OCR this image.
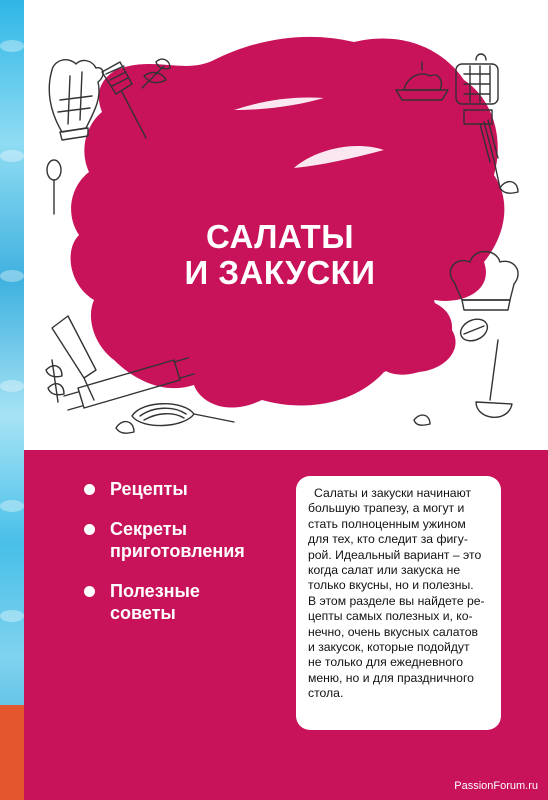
САЛАТЫ
И ЗАКУСКИ
Рецепты
Секреты
приготовления
Полезные
советы

Салаты и закуски начинают
большую трапезу, а могут и
стать полноценным ужином
для тех, кто следит за фигу-
рой. Идеальный вариант – это
когда салат или закуска не
только вкусны, но и полезны.
В этом разделе вы найдете ре-
цепты самых полезных и, ко-
нечно, очень вкусных салатов
и закусок, которые подойдут
не только для ежедневного
меню, но и для праздничного
стола.

PassionForum.ru
